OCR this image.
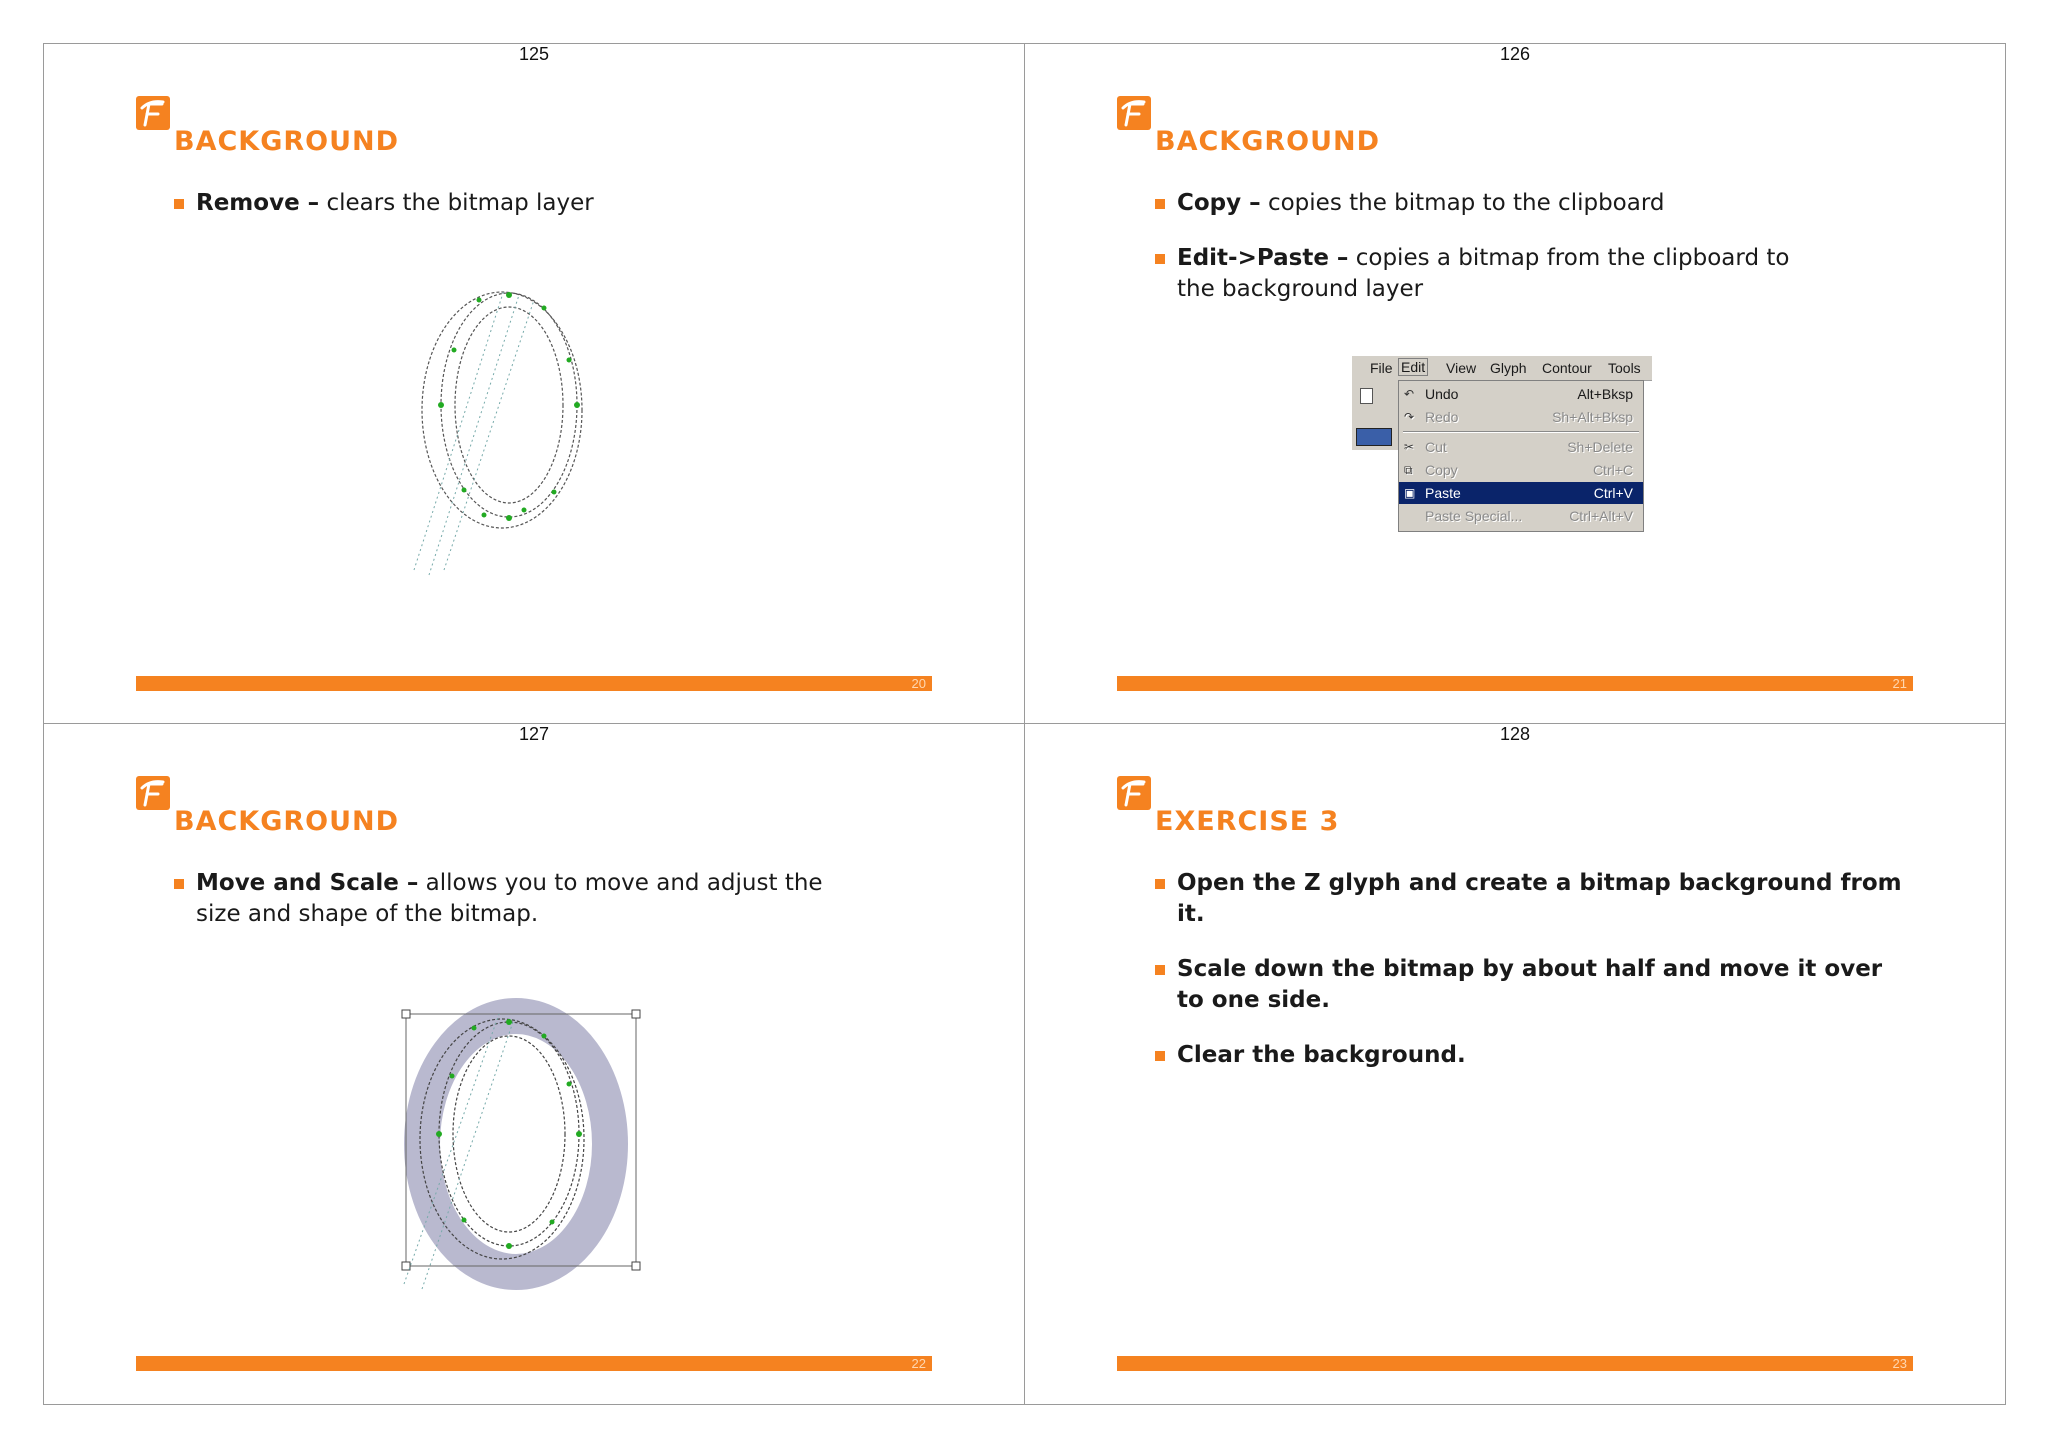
125
BACKGROUND
Remove – clears the bitmap layer
20
126
BACKGROUND
Copy – copies the bitmap to the clipboard
Edit->Paste – copies a bitmap from the clipboard to the background layer
File Edit View Glyph Contour Tools
↶ Undo	Alt+Bksp
↷ Redo	Sh+Alt+Bksp
✂ Cut	Sh+Delete
⧉ Copy	Ctrl+C
▣ Paste	Ctrl+V
Paste Special...	Ctrl+Alt+V
21
127
BACKGROUND
Move and Scale – allows you to move and adjust the size and shape of the bitmap.
22
128
EXERCISE 3
Open the Z glyph and create a bitmap background from it.
Scale down the bitmap by about half and move it over to one side.
Clear the background.
23
